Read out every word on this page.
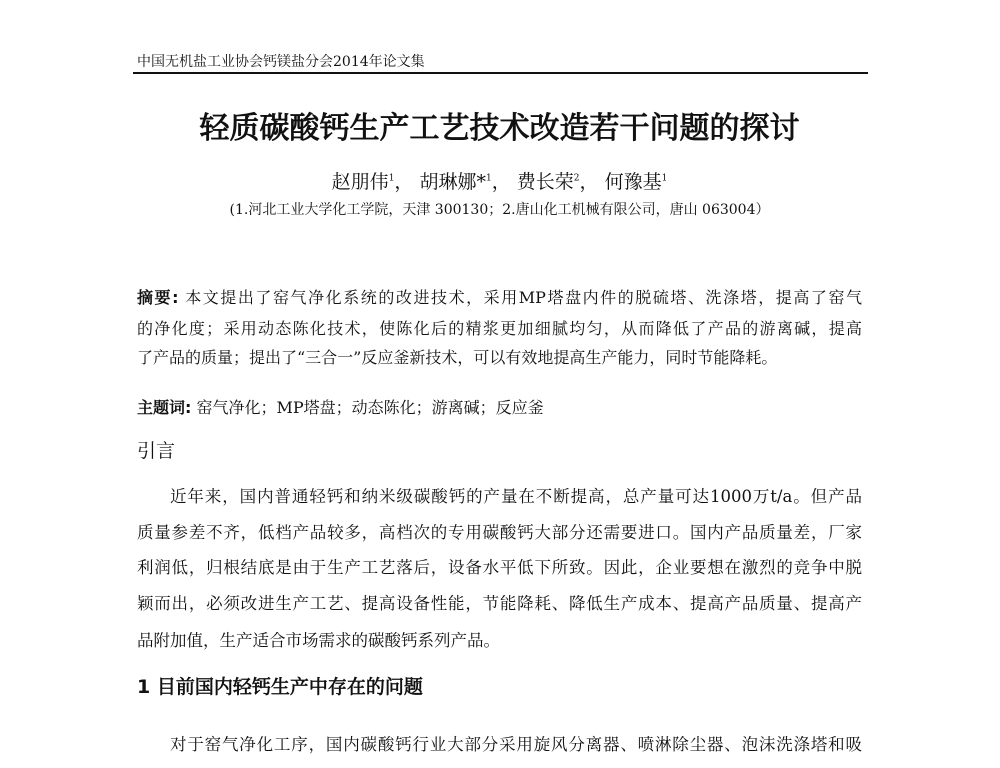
中国无机盐工业协会钙镁盐分会2014年论文集
轻质碳酸钙生产工艺技术改造若干问题的探讨
赵朋伟$^1$， 胡琳娜*$^1$， 费长荣$^2$， 何豫基$^1$
(1.河北工业大学化工学院，天津 300130；2.唐山化工机械有限公司，唐山 063004）
摘要: 本文提出了窑气净化系统的改进技术，采用MP塔盘内件的脱硫塔、洗涤塔，提高了窑气
的净化度；采用动态陈化技术，使陈化后的精浆更加细腻均匀，从而降低了产品的游离碱，提高
了产品的质量；提出了“三合一”反应釜新技术，可以有效地提高生产能力，同时节能降耗。
主题词: 窑气净化；MP塔盘；动态陈化；游离碱；反应釜
引言
近年来，国内普通轻钙和纳米级碳酸钙的产量在不断提高，总产量可达1000万t/a。但产品
质量参差不齐，低档产品较多，高档次的专用碳酸钙大部分还需要进口。国内产品质量差，厂家
利润低，归根结底是由于生产工艺落后，设备水平低下所致。因此，企业要想在激烈的竞争中脱
颖而出，必须改进生产工艺、提高设备性能，节能降耗、降低生产成本、提高产品质量、提高产
品附加值，生产适合市场需求的碳酸钙系列产品。
1 目前国内轻钙生产中存在的问题
对于窑气净化工序，国内碳酸钙行业大部分采用旋风分离器、喷淋除尘器、泡沫洗涤塔和吸
